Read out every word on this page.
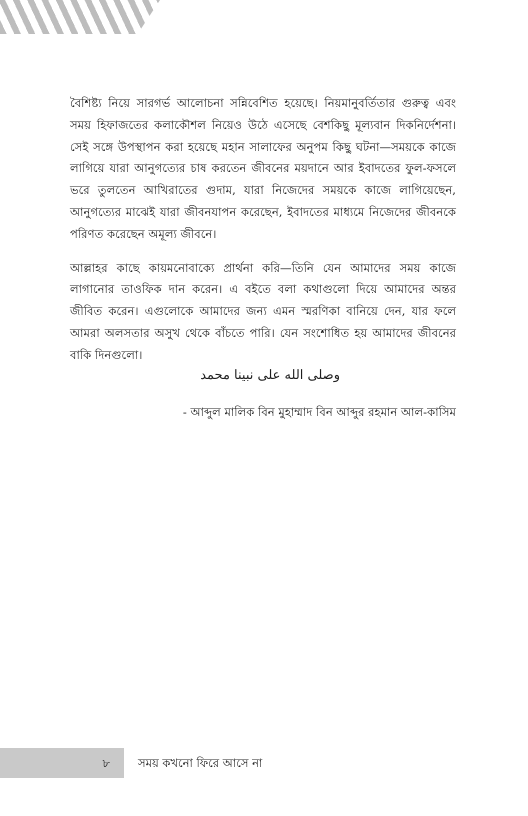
বৈশিষ্ট্য নিয়ে সারগর্ভ আলোচনা সন্নিবেশিত হয়েছে। নিয়মানুবর্তিতার গুরুত্ব এবং সময় হিফাজতের কলাকৌশল নিয়েও উঠে এসেছে বেশকিছু মূল্যবান দিকনির্দেশনা। সেই সঙ্গে উপস্থাপন করা হয়েছে মহান সালাফের অনুপম কিছু ঘটনা—সময়কে কাজে লাগিয়ে যারা আনুগত্যের চাষ করতেন জীবনের ময়দানে আর ইবাদতের ফুল-ফসলে ভরে তুলতেন আখিরাতের গুদাম, যারা নিজেদের সময়কে কাজে লাগিয়েছেন, আনুগত্যের মাঝেই যারা জীবনযাপন করেছেন, ইবাদতের মাধ্যমে নিজেদের জীবনকে পরিণত করেছেন অমূল্য জীবনে।

আল্লাহর কাছে কায়মনোবাক্যে প্রার্থনা করি—তিনি যেন আমাদের সময় কাজে লাগানোর তাওফিক দান করেন। এ বইতে বলা কথাগুলো দিয়ে আমাদের অন্তর জীবিত করেন। এগুলোকে আমাদের জন্য এমন স্মরণিকা বানিয়ে দেন, যার ফলে আমরা অলসতার অসুখ থেকে বাঁচতে পারি। যেন সংশোধিত হয় আমাদের জীবনের বাকি দিনগুলো।

وصلى الله على نبينا محمد
- আব্দুল মালিক বিন মুহাম্মাদ বিন আব্দুর রহমান আল-কাসিম
৮ সময় কখনো ফিরে আসে না
